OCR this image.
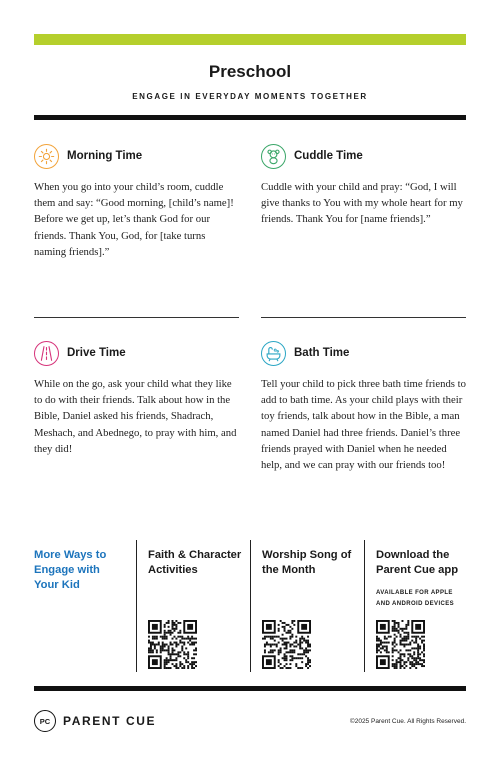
Preschool
ENGAGE IN EVERYDAY MOMENTS TOGETHER
Morning Time
When you go into your child’s room, cuddle them and say: “Good morning, [child’s name]! Before we get up, let’s thank God for our friends. Thank You, God, for [take turns naming friends].”
Cuddle Time
Cuddle with your child and pray: “God, I will give thanks to You with my whole heart for my friends. Thank You for [name friends].”
Drive Time
While on the go, ask your child what they like to do with their friends. Talk about how in the Bible, Daniel asked his friends, Shadrach, Meshach, and Abednego, to pray with him, and they did!
Bath Time
Tell your child to pick three bath time friends to add to bath time. As your child plays with their toy friends, talk about how in the Bible, a man named Daniel had three friends. Daniel’s three friends prayed with Daniel when he needed help, and we can pray with our friends too!
More Ways to Engage with Your Kid
Faith & Character Activities
Worship Song of the Month
Download the Parent Cue app
AVAILABLE FOR APPLE AND ANDROID DEVICES
PC	PARENT CUE	©2025 Parent Cue. All Rights Reserved.
